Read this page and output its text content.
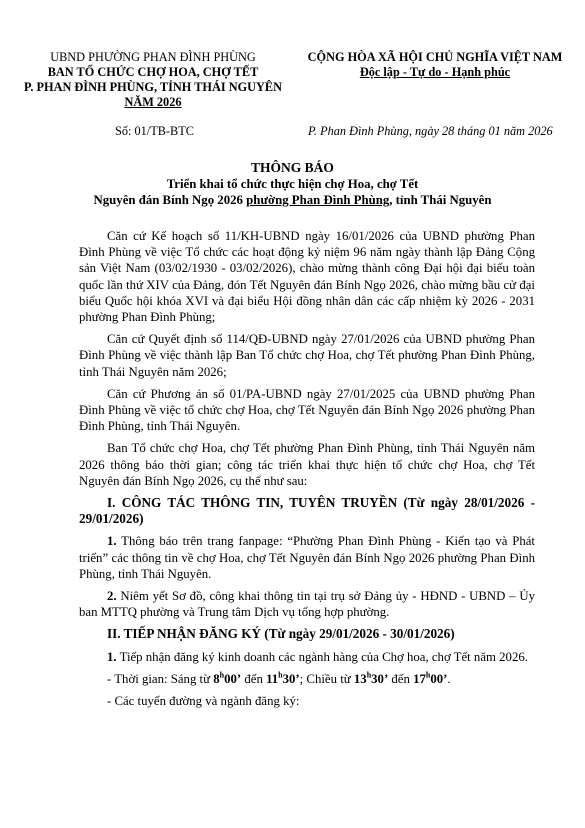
UBND PHƯỜNG PHAN ĐÌNH PHÙNG
BAN TỔ CHỨC CHỢ HOA, CHỢ TẾT
P. PHAN ĐÌNH PHÙNG, TỈNH THÁI NGUYÊN
NĂM 2026
CỘNG HÒA XÃ HỘI CHỦ NGHĨA VIỆT NAM
Độc lập - Tự do - Hạnh phúc
Số: 01/TB-BTC	P. Phan Đình Phùng, ngày 28 tháng 01 năm 2026
THÔNG BÁO
Triển khai tổ chức thực hiện chợ Hoa, chợ Tết
Nguyên đán Bính Ngọ 2026 phường Phan Đình Phùng, tỉnh Thái Nguyên

Căn cứ Kế hoạch số 11/KH-UBND ngày 16/01/2026 của UBND phường Phan Đình Phùng về việc Tổ chức các hoạt động kỷ niệm 96 năm ngày thành lập Đảng Cộng sản Việt Nam (03/02/1930 - 03/02/2026), chào mừng thành công Đại hội đại biểu toàn quốc lần thứ XIV của Đảng, đón Tết Nguyên đán Bính Ngọ 2026, chào mừng bầu cử đại biểu Quốc hội khóa XVI và đại biểu Hội đồng nhân dân các cấp nhiệm kỳ 2026 - 2031 phường Phan Đình Phùng;

Căn cứ Quyết định số 114/QĐ-UBND ngày 27/01/2026 của UBND phường Phan Đình Phùng về việc thành lập Ban Tổ chức chợ Hoa, chợ Tết phường Phan Đình Phùng, tỉnh Thái Nguyên năm 2026;

Căn cứ Phương án số 01/PA-UBND ngày 27/01/2025 của UBND phường Phan Đình Phùng về việc tổ chức chợ Hoa, chợ Tết Nguyên đán Bính Ngọ 2026 phường Phan Đình Phùng, tỉnh Thái Nguyên.

Ban Tổ chức chợ Hoa, chợ Tết phường Phan Đình Phùng, tỉnh Thái Nguyên năm 2026 thông báo thời gian; công tác triển khai thực hiện tổ chức chợ Hoa, chợ Tết Nguyên đán Bính Ngọ 2026, cụ thể như sau:

I. CÔNG TÁC THÔNG TIN, TUYÊN TRUYỀN (Từ ngày 28/01/2026 - 29/01/2026)

1. Thông báo trên trang fanpage: “Phường Phan Đình Phùng - Kiến tạo và Phát triển” các thông tin về chợ Hoa, chợ Tết Nguyên đán Bính Ngọ 2026 phường Phan Đình Phùng, tỉnh Thái Nguyên.

2. Niêm yết Sơ đồ, công khai thông tin tại trụ sở Đảng ủy - HĐND - UBND – Ủy ban MTTQ phường và Trung tâm Dịch vụ tổng hợp phường.

II. TIẾP NHẬN ĐĂNG KÝ (Từ ngày 29/01/2026 - 30/01/2026)

1. Tiếp nhận đăng ký kinh doanh các ngành hàng của Chợ hoa, chợ Tết năm 2026.

- Thời gian: Sáng từ 8$^h$00’ đến 11$^h$30’; Chiều từ 13$^h$30’ đến 17$^h$00’.

- Các tuyến đường và ngành đăng ký:
